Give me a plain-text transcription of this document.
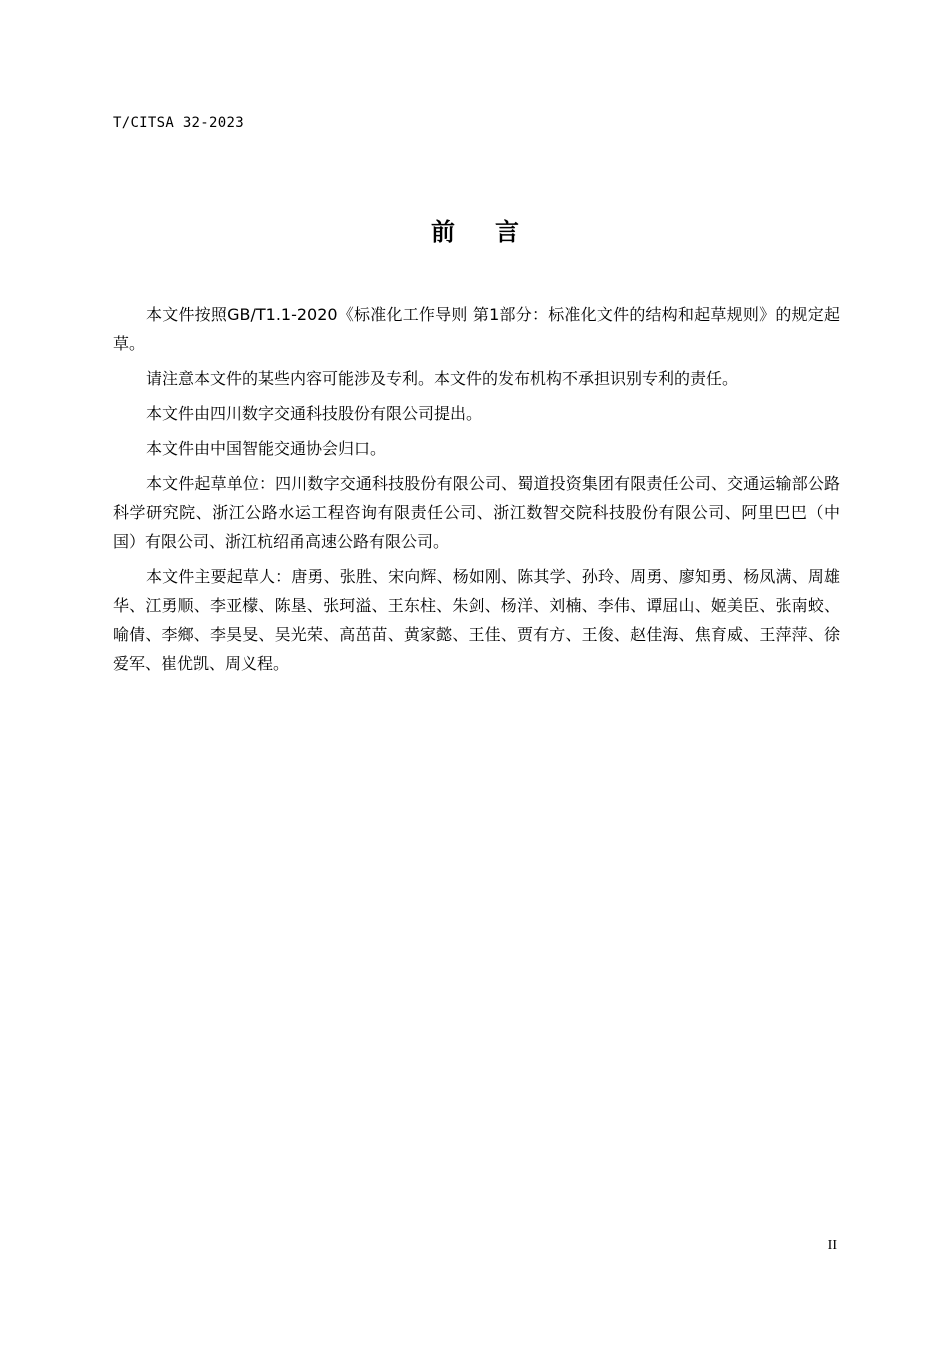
T/CITSA 32-2023
前言

本文件按照GB/T1.1-2020《标准化工作导则 第1部分：标准化文件的结构和起草规则》的规定起草。

请注意本文件的某些内容可能涉及专利。本文件的发布机构不承担识别专利的责任。

本文件由四川数字交通科技股份有限公司提出。

本文件由中国智能交通协会归口。

本文件起草单位：四川数字交通科技股份有限公司、蜀道投资集团有限责任公司、交通运输部公路科学研究院、浙江公路水运工程咨询有限责任公司、浙江数智交院科技股份有限公司、阿里巴巴（中国）有限公司、浙江杭绍甬高速公路有限公司。

本文件主要起草人：唐勇、张胜、宋向辉、杨如刚、陈其学、孙玲、周勇、廖知勇、杨凤满、周雄华、江勇顺、李亚檬、陈垦、张珂溢、王东柱、朱剑、杨洋、刘楠、李伟、谭屈山、姬美臣、张南蛟、喻倩、李鄉、李昊旻、吴光荣、高茁苗、黄家懿、王佳、贾有方、王俊、赵佳海、焦育威、王萍萍、徐爱军、崔优凯、周义程。

II
